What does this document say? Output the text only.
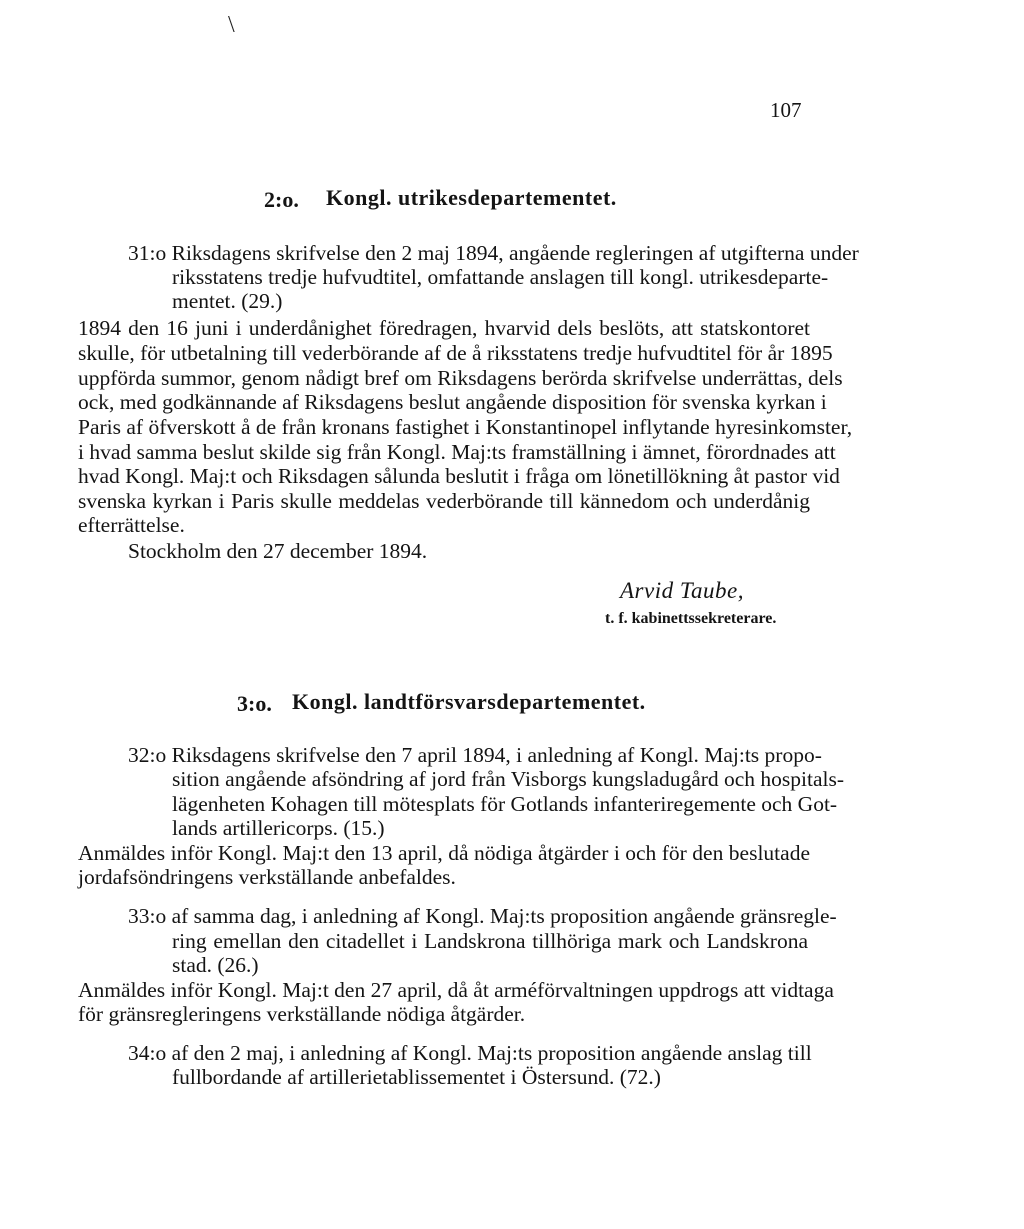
\
107
2:o. Kongl. utrikesdepartementet.
31:o Riksdagens skrifvelse den 2 maj 1894, angående regleringen af utgifterna under
riksstatens tredje hufvudtitel, omfattande anslagen till kongl. utrikesdeparte-
mentet. (29.)
1894 den 16 juni i underdånighet föredragen, hvarvid dels beslöts, att statskontoret
skulle, för utbetalning till vederbörande af de å riksstatens tredje hufvudtitel för år 1895
uppförda summor, genom nådigt bref om Riksdagens berörda skrifvelse underrättas, dels
ock, med godkännande af Riksdagens beslut angående disposition för svenska kyrkan i
Paris af öfverskott å de från kronans fastighet i Konstantinopel inflytande hyresinkomster,
i hvad samma beslut skilde sig från Kongl. Maj:ts framställning i ämnet, förordnades att
hvad Kongl. Maj:t och Riksdagen sålunda beslutit i fråga om lönetillökning åt pastor vid
svenska kyrkan i Paris skulle meddelas vederbörande till kännedom och underdånig
efterrättelse.
Stockholm den 27 december 1894.
Arvid Taube,
t. f. kabinettssekreterare.
3:o. Kongl. landtförsvarsdepartementet.
32:o Riksdagens skrifvelse den 7 april 1894, i anledning af Kongl. Maj:ts propo-
sition angående afsöndring af jord från Visborgs kungsladugård och hospitals-
lägenheten Kohagen till mötesplats för Gotlands infanteriregemente och Got-
lands artillericorps. (15.)
Anmäldes inför Kongl. Maj:t den 13 april, då nödiga åtgärder i och för den beslutade
jordafsöndringens verkställande anbefaldes.
33:o af samma dag, i anledning af Kongl. Maj:ts proposition angående gränsregle-
ring emellan den citadellet i Landskrona tillhöriga mark och Landskrona
stad. (26.)
Anmäldes inför Kongl. Maj:t den 27 april, då åt arméförvaltningen uppdrogs att vidtaga
för gränsregleringens verkställande nödiga åtgärder.
34:o af den 2 maj, i anledning af Kongl. Maj:ts proposition angående anslag till
fullbordande af artillerietablissementet i Östersund. (72.)
